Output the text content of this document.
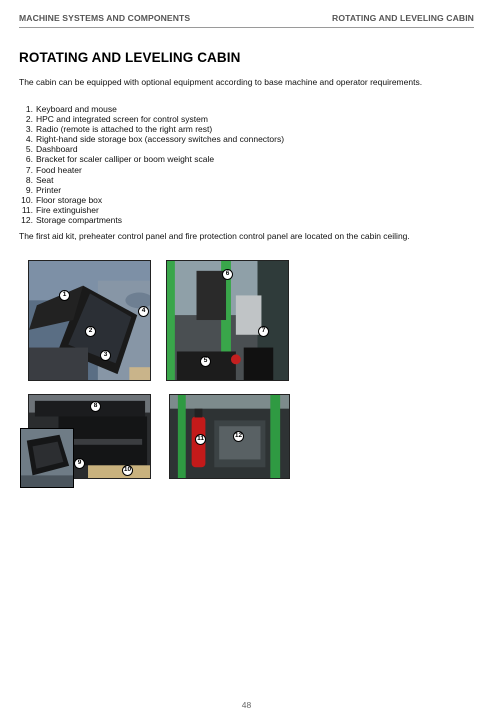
MACHINE SYSTEMS AND COMPONENTS	ROTATING AND LEVELING CABIN
ROTATING AND LEVELING CABIN
The cabin can be equipped with optional equipment according to base machine and operator requirements.
1. Keyboard and mouse
2. HPC and integrated screen for control system
3. Radio (remote is attached to the right arm rest)
4. Right-hand side storage box (accessory switches and connectors)
5. Dashboard
6. Bracket for scaler calliper or boom weight scale
7. Food heater
8. Seat
9. Printer
10. Floor storage box
11. Fire extinguisher
12. Storage compartments
The first aid kit, preheater control panel and fire protection control panel are located on the cabin ceiling.
1
2
3
4
6
7
5
8
9
10
11	12
48
